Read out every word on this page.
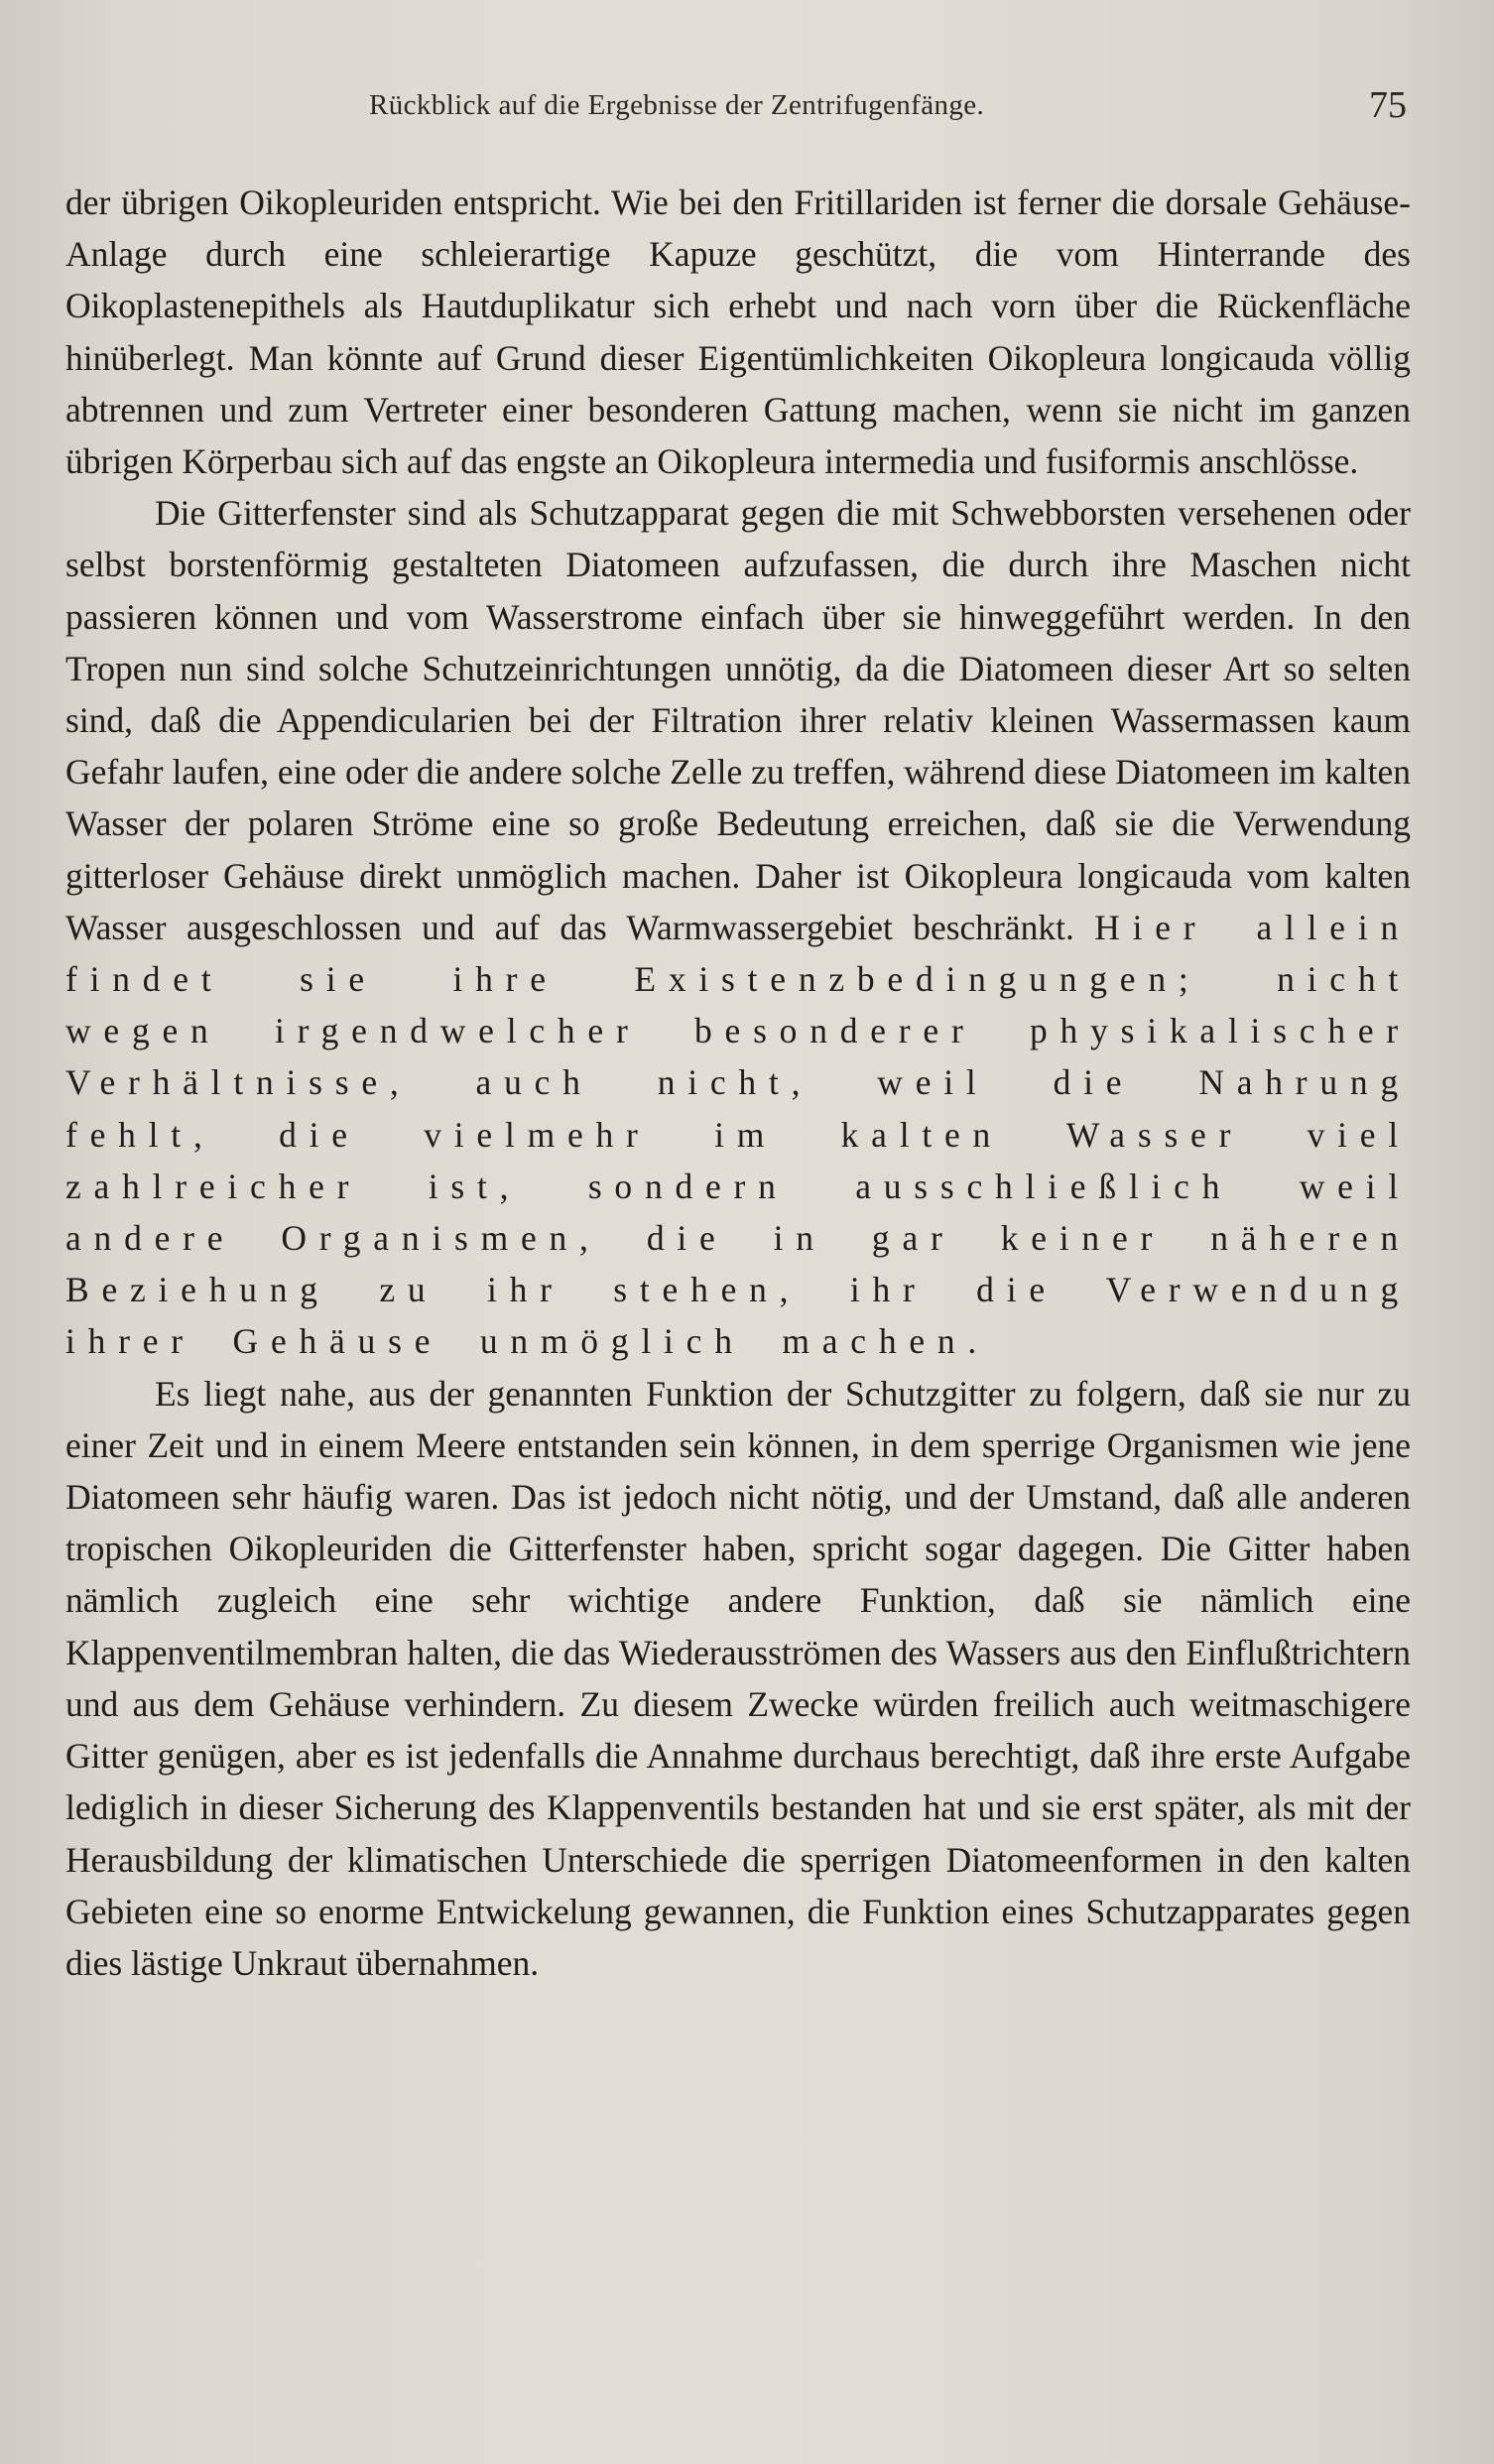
Rückblick auf die Ergebnisse der Zentrifugenfänge.	75

der übrigen Oikopleuriden entspricht. Wie bei den Fritillariden ist ferner die dorsale Gehäuse-Anlage durch eine schleierartige Kapuze geschützt, die vom Hinterrande des Oikoplastenepithels als Hautduplikatur sich erhebt und nach vorn über die Rückenfläche hinüberlegt. Man könnte auf Grund dieser Eigentümlichkeiten Oikopleura longicauda völlig abtrennen und zum Vertreter einer besonderen Gattung machen, wenn sie nicht im ganzen übrigen Körperbau sich auf das engste an Oikopleura intermedia und fusiformis anschlösse.

Die Gitterfenster sind als Schutzapparat gegen die mit Schwebborsten versehenen oder selbst borstenförmig gestalteten Diatomeen aufzufassen, die durch ihre Maschen nicht passieren können und vom Wasserstrome einfach über sie hinweggeführt werden. In den Tropen nun sind solche Schutzeinrichtungen unnötig, da die Diatomeen dieser Art so selten sind, daß die Appendicularien bei der Filtration ihrer relativ kleinen Wassermassen kaum Gefahr laufen, eine oder die andere solche Zelle zu treffen, während diese Diatomeen im kalten Wasser der polaren Ströme eine so große Bedeutung erreichen, daß sie die Verwendung gitterloser Gehäuse direkt unmöglich machen. Daher ist Oikopleura longicauda vom kalten Wasser ausgeschlossen und auf das Warmwassergebiet beschränkt. Hier allein findet sie ihre Existenzbedingungen; nicht wegen irgendwelcher besonderer physikalischer Verhältnisse, auch nicht, weil die Nahrung fehlt, die vielmehr im kalten Wasser viel zahlreicher ist, sondern ausschließlich weil andere Organismen, die in gar keiner näheren Beziehung zu ihr stehen, ihr die Verwendung ihrer Gehäuse unmöglich machen.

Es liegt nahe, aus der genannten Funktion der Schutzgitter zu folgern, daß sie nur zu einer Zeit und in einem Meere entstanden sein können, in dem sperrige Organismen wie jene Diatomeen sehr häufig waren. Das ist jedoch nicht nötig, und der Umstand, daß alle anderen tropischen Oikopleuriden die Gitterfenster haben, spricht sogar dagegen. Die Gitter haben nämlich zugleich eine sehr wichtige andere Funktion, daß sie nämlich eine Klappenventilmembran halten, die das Wiederausströmen des Wassers aus den Einflußtrichtern und aus dem Gehäuse verhindern. Zu diesem Zwecke würden freilich auch weitmaschigere Gitter genügen, aber es ist jedenfalls die Annahme durchaus berechtigt, daß ihre erste Aufgabe lediglich in dieser Sicherung des Klappenventils bestanden hat und sie erst später, als mit der Herausbildung der klimatischen Unterschiede die sperrigen Diatomeenformen in den kalten Gebieten eine so enorme Entwickelung gewannen, die Funktion eines Schutzapparates gegen dies lästige Unkraut übernahmen.
